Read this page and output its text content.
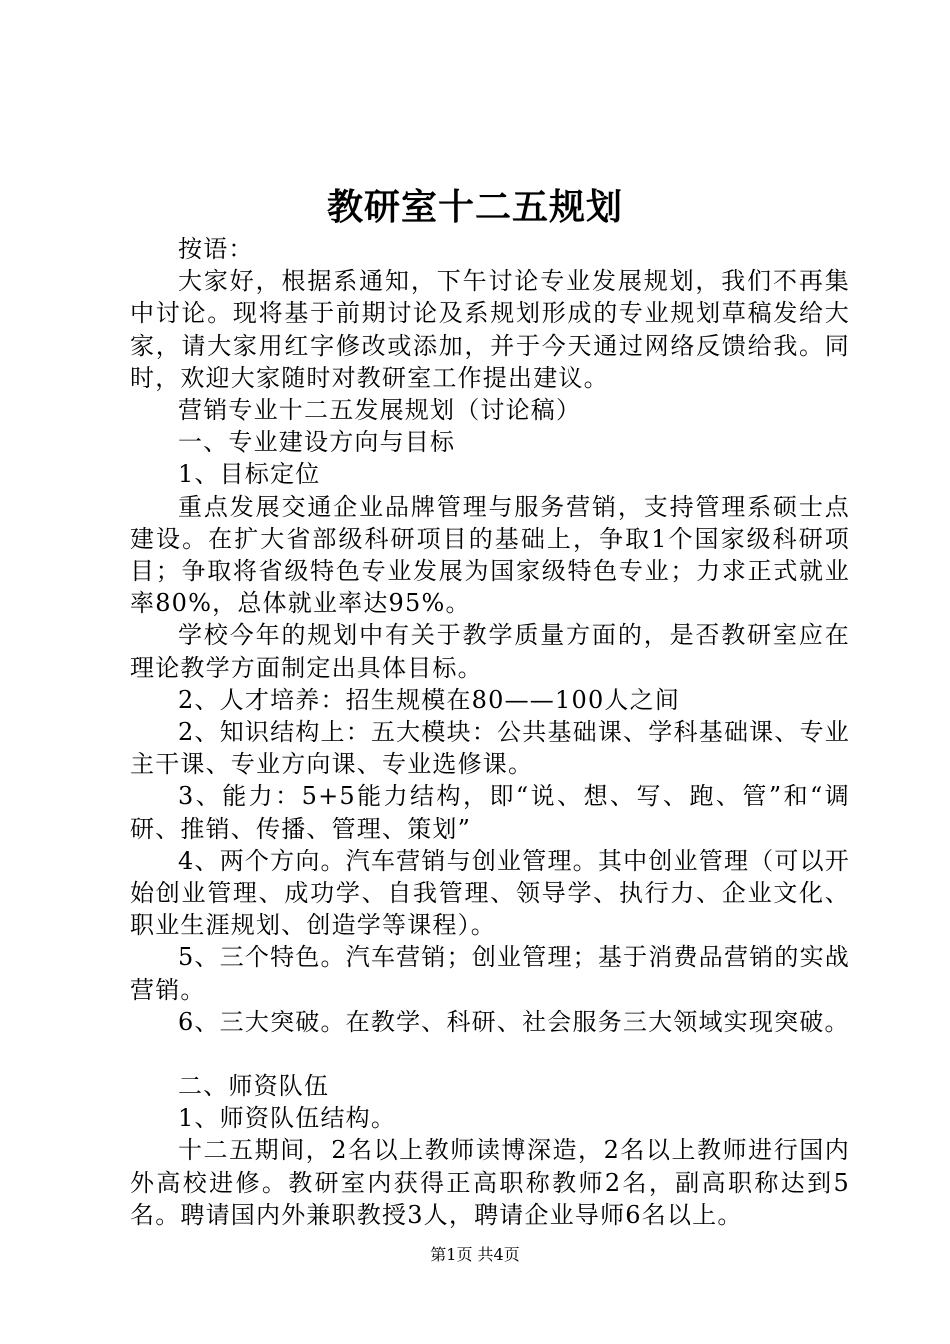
教研室十二五规划

按语：

大家好，根据系通知，下午讨论专业发展规划，我们不再集中讨论。现将基于前期讨论及系规划形成的专业规划草稿发给大家，请大家用红字修改或添加，并于今天通过网络反馈给我。同时，欢迎大家随时对教研室工作提出建议。

营销专业十二五发展规划（讨论稿）

一、专业建设方向与目标

1、目标定位

重点发展交通企业品牌管理与服务营销，支持管理系硕士点建设。在扩大省部级科研项目的基础上，争取1个国家级科研项目；争取将省级特色专业发展为国家级特色专业；力求正式就业率80%，总体就业率达95%。

学校今年的规划中有关于教学质量方面的，是否教研室应在理论教学方面制定出具体目标。

2、人才培养：招生规模在80——100人之间

2、知识结构上：五大模块：公共基础课、学科基础课、专业主干课、专业方向课、专业选修课。

3、能力：5+5能力结构，即“说、想、写、跑、管”和“调研、推销、传播、管理、策划”

4、两个方向。汽车营销与创业管理。其中创业管理（可以开始创业管理、成功学、自我管理、领导学、执行力、企业文化、职业生涯规划、创造学等课程）。

5、三个特色。汽车营销；创业管理；基于消费品营销的实战营销。

6、三大突破。在教学、科研、社会服务三大领域实现突破。

二、师资队伍

1、师资队伍结构。

十二五期间，2名以上教师读博深造，2名以上教师进行国内外高校进修。教研室内获得正高职称教师2名，副高职称达到5名。聘请国内外兼职教授3人，聘请企业导师6名以上。

第1页 共4页
